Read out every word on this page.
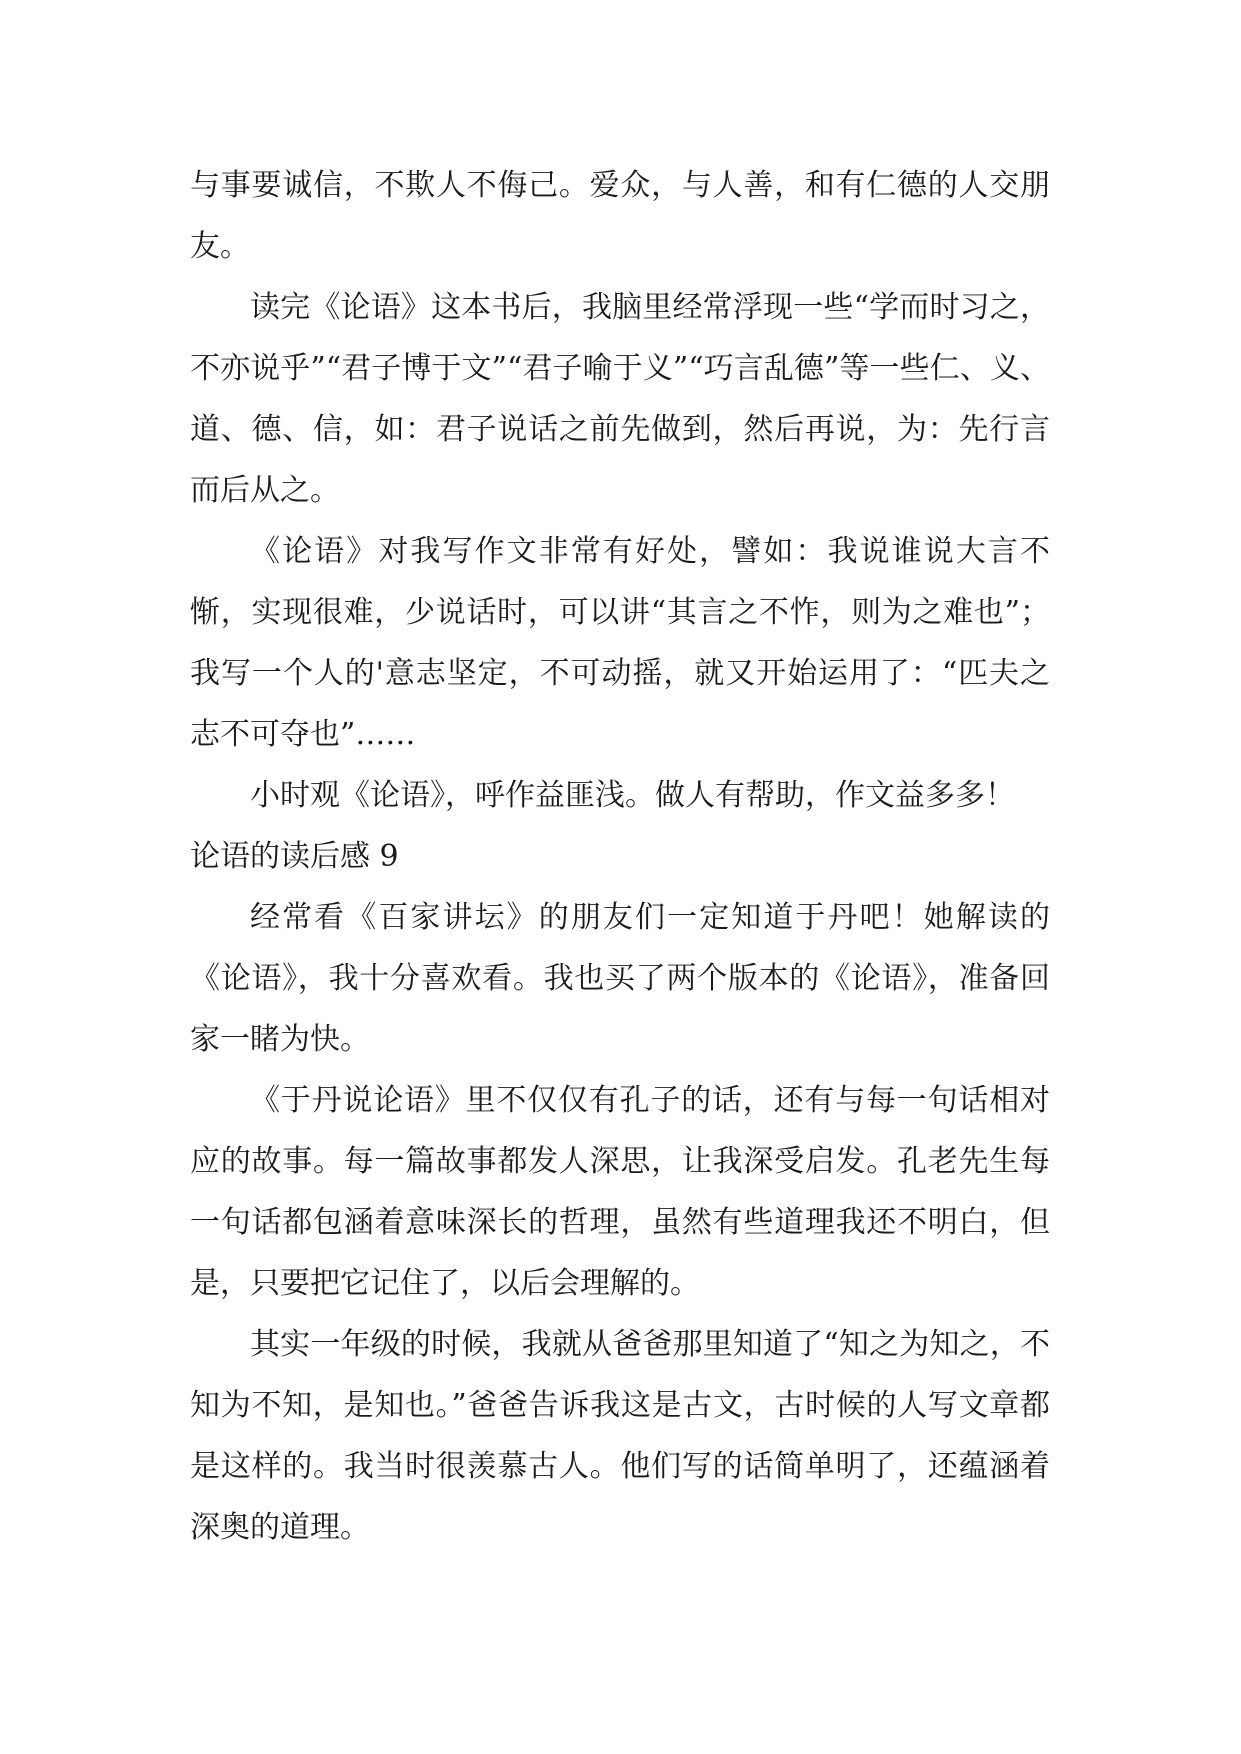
与事要诚信，不欺人不侮己。爱众，与人善，和有仁德的人交朋友。

读完《论语》这本书后，我脑里经常浮现一些“学而时习之，不亦说乎”“君子博于文”“君子喻于义”“巧言乱德”等一些仁、义、道、德、信，如：君子说话之前先做到，然后再说，为：先行言而后从之。

《论语》对我写作文非常有好处，譬如：我说谁说大言不惭，实现很难，少说话时，可以讲“其言之不怍，则为之难也”；我写一个人的'意志坚定，不可动摇，就又开始运用了：“匹夫之志不可夺也”……

小时观《论语》，呼作益匪浅。做人有帮助，作文益多多！

论语的读后感 9

经常看《百家讲坛》的朋友们一定知道于丹吧！她解读的《论语》，我十分喜欢看。我也买了两个版本的《论语》，准备回家一睹为快。

《于丹说论语》里不仅仅有孔子的话，还有与每一句话相对应的故事。每一篇故事都发人深思，让我深受启发。孔老先生每一句话都包涵着意味深长的哲理，虽然有些道理我还不明白，但是，只要把它记住了，以后会理解的。

其实一年级的时候，我就从爸爸那里知道了“知之为知之，不知为不知，是知也。”爸爸告诉我这是古文，古时候的人写文章都是这样的。我当时很羡慕古人。他们写的话简单明了，还蕴涵着深奥的道理。
